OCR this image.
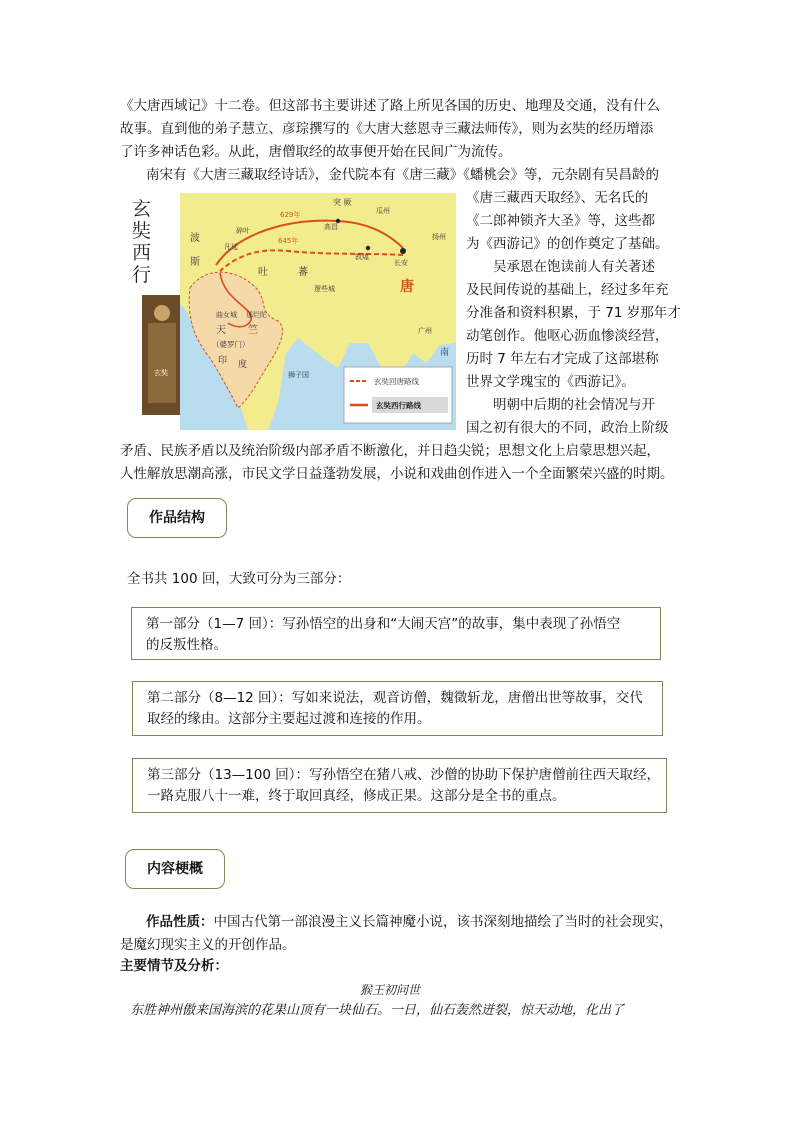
《大唐西域记》十二卷。但这部书主要讲述了路上所见各国的历史、地理及交通，没有什么
故事。直到他的弟子慧立、彦琮撰写的《大唐大慈恩寺三藏法师传》，则为玄奘的经历增添
了许多神话色彩。从此，唐僧取经的故事便开始在民间广为流传。
南宋有《大唐三藏取经诗话》，金代院本有《唐三藏》《蟠桃会》等，元杂剧有吴昌龄的
突 厥
高昌
瓜州
波
斯
碎叶
凡延
吐	蕃
敦煌
长安
唐
扬州
逻些城
曲女城 那烂陀
天 竺
（婆罗门）
印 度
广州
南
狮子国
629年
645年
玄奘
玄
奘
西
行
玄奘回唐路线
玄奘西行路线
《唐三藏西天取经》、无名氏的
《二郎神锁齐大圣》等，这些都
为《西游记》的创作奠定了基础。
吴承恩在饱读前人有关著述
及民间传说的基础上，经过多年充
分准备和资料积累，于 71 岁那年才
动笔创作。他呕心沥血惨淡经营，
历时 7 年左右才完成了这部堪称
世界文学瑰宝的《西游记》。
明朝中后期的社会情况与开
国之初有很大的不同，政治上阶级
矛盾、民族矛盾以及统治阶级内部矛盾不断激化，并日趋尖锐；思想文化上启蒙思想兴起，
人性解放思潮高涨，市民文学日益蓬勃发展，小说和戏曲创作进入一个全面繁荣兴盛的时期。
作品结构
全书共 100 回，大致可分为三部分：
第一部分（1—7 回）：写孙悟空的出身和“大闹天宫”的故事，集中表现了孙悟空
的反叛性格。
第二部分（8—12 回）：写如来说法，观音访僧，魏徵斩龙，唐僧出世等故事，交代
取经的缘由。这部分主要起过渡和连接的作用。
第三部分（13—100 回）：写孙悟空在猪八戒、沙僧的协助下保护唐僧前往西天取经，
一路克服八十一难，终于取回真经，修成正果。这部分是全书的重点。
内容梗概
作品性质：中国古代第一部浪漫主义长篇神魔小说，该书深刻地描绘了当时的社会现实，
是魔幻现实主义的开创作品。
主要情节及分析：
猴王初问世
东胜神州傲来国海滨的花果山顶有一块仙石。一日，仙石轰然迸裂，惊天动地，化出了
